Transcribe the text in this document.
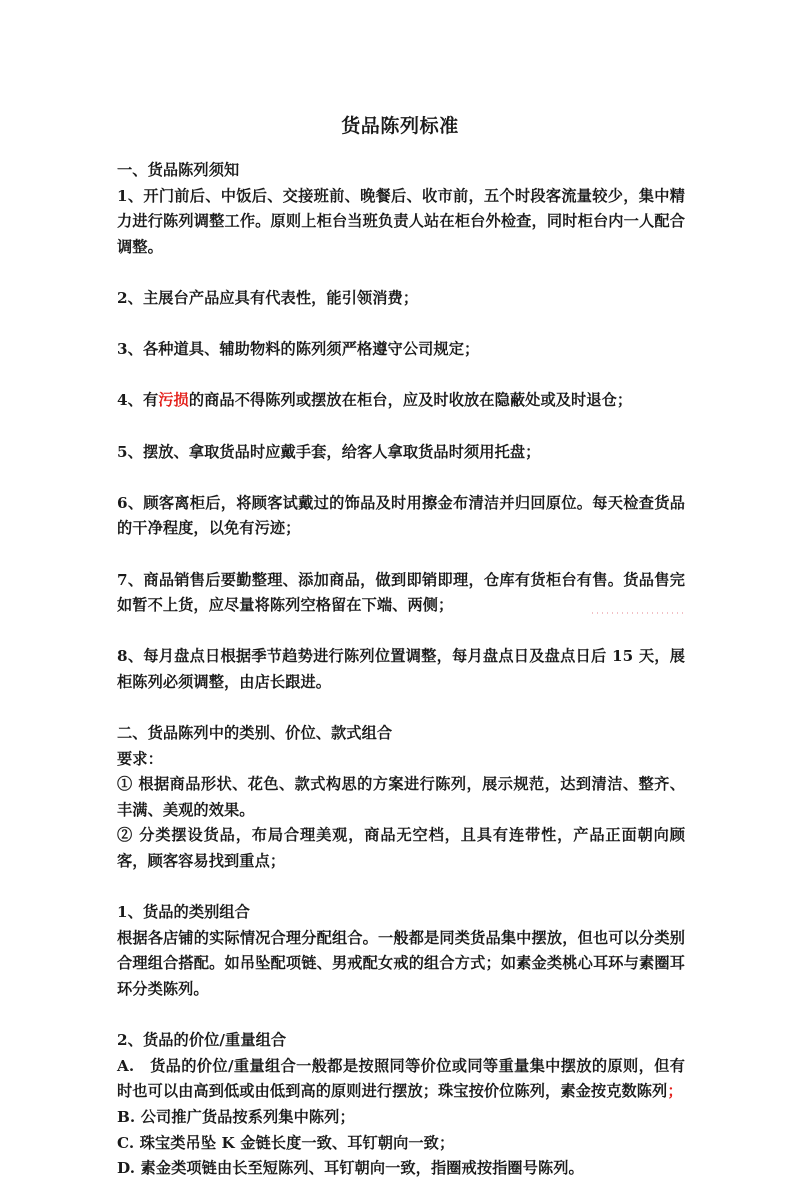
货品陈列标准

一、货品陈列须知

1、开门前后、中饭后、交接班前、晚餐后、收市前，五个时段客流量较少，集中精力进行陈列调整工作。原则上柜台当班负责人站在柜台外检查，同时柜台内一人配合调整。

2、主展台产品应具有代表性，能引领消费；

3、各种道具、辅助物料的陈列须严格遵守公司规定；

4、有污损的商品不得陈列或摆放在柜台，应及时收放在隐蔽处或及时退仓；

5、摆放、拿取货品时应戴手套，给客人拿取货品时须用托盘；

6、顾客离柜后，将顾客试戴过的饰品及时用擦金布清洁并归回原位。每天检查货品的干净程度，以免有污迹；

7、商品销售后要勤整理、添加商品，做到即销即理，仓库有货柜台有售。货品售完如暂不上货，应尽量将陈列空格留在下端、两侧；

8、每月盘点日根据季节趋势进行陈列位置调整，每月盘点日及盘点日后 15 天，展柜陈列必须调整，由店长跟进。

二、货品陈列中的类别、价位、款式组合

要求：

① 根据商品形状、花色、款式构思的方案进行陈列，展示规范，达到清洁、整齐、丰满、美观的效果。

② 分类摆设货品，布局合理美观，商品无空档，且具有连带性，产品正面朝向顾客，顾客容易找到重点；

1、货品的类别组合

根据各店铺的实际情况合理分配组合。一般都是同类货品集中摆放，但也可以分类别合理组合搭配。如吊坠配项链、男戒配女戒的组合方式；如素金类桃心耳环与素圈耳环分类陈列。

2、货品的价位/重量组合

A.　货品的价位/重量组合一般都是按照同等价位或同等重量集中摆放的原则，但有时也可以由高到低或由低到高的原则进行摆放；珠宝按价位陈列，素金按克数陈列；

B. 公司推广货品按系列集中陈列；

C. 珠宝类吊坠 K 金链长度一致、耳钉朝向一致；

D. 素金类项链由长至短陈列、耳钉朝向一致，指圈戒按指圈号陈列。
